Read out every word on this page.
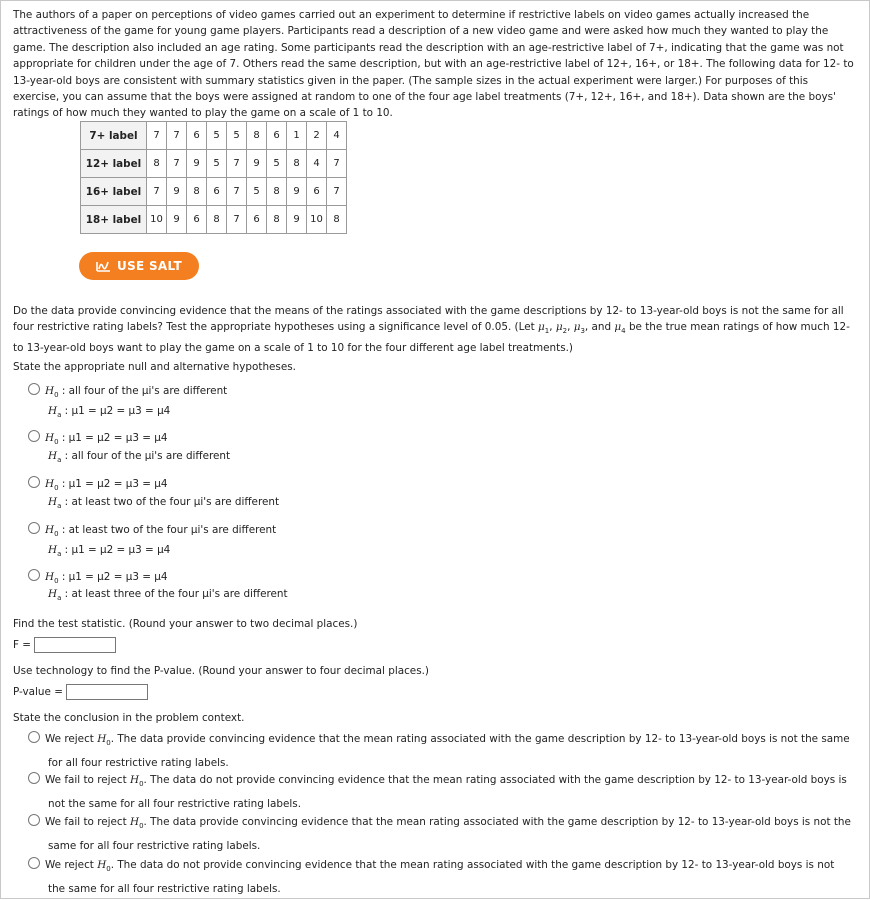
The authors of a paper on perceptions of video games carried out an experiment to determine if restrictive labels on video games actually increased the attractiveness of the game for young game players. Participants read a description of a new video game and were asked how much they wanted to play the game. The description also included an age rating. Some participants read the description with an age-restrictive label of 7+, indicating that the game was not appropriate for children under the age of 7. Others read the same description, but with an age-restrictive label of 12+, 16+, or 18+. The following data for 12- to 13-year-old boys are consistent with summary statistics given in the paper. (The sample sizes in the actual experiment were larger.) For purposes of this exercise, you can assume that the boys were assigned at random to one of the four age label treatments (7+, 12+, 16+, and 18+). Data shown are the boys' ratings of how much they wanted to play the game on a scale of 1 to 10.
7+ label	7	7	6	5	5	8	6	1	2	4
12+ label	8	7	9	5	7	9	5	8	4	7
16+ label	7	9	8	6	7	5	8	9	6	7
18+ label	10	9	6	8	7	6	8	9	10	8
USE SALT
Do the data provide convincing evidence that the means of the ratings associated with the game descriptions by 12- to 13-year-old boys is not the same for all four restrictive rating labels? Test the appropriate hypotheses using a significance level of 0.05. (Let $\mu_1$, $\mu_2$, $\mu_3$, and $\mu_4$ be the true mean ratings of how much 12- to 13-year-old boys want to play the game on a scale of 1 to 10 for the four different age label treatments.)
State the appropriate null and alternative hypotheses.
$H_0$ : all four of the μi's are different
$H_a$ : μ1 = μ2 = μ3 = μ4
$H_0$ : μ1 = μ2 = μ3 = μ4
$H_a$ : all four of the μi's are different
$H_0$ : μ1 = μ2 = μ3 = μ4
$H_a$ : at least two of the four μi's are different
$H_0$ : at least two of the four μi's are different
$H_a$ : μ1 = μ2 = μ3 = μ4
$H_0$ : μ1 = μ2 = μ3 = μ4
$H_a$ : at least three of the four μi's are different
Find the test statistic. (Round your answer to two decimal places.)
F =
Use technology to find the P-value. (Round your answer to four decimal places.)
P-value =
State the conclusion in the problem context.
We reject $H_0$. The data provide convincing evidence that the mean rating associated with the game description by 12- to 13-year-old boys is not the same
for all four restrictive rating labels.
We fail to reject $H_0$. The data do not provide convincing evidence that the mean rating associated with the game description by 12- to 13-year-old boys is
not the same for all four restrictive rating labels.
We fail to reject $H_0$. The data provide convincing evidence that the mean rating associated with the game description by 12- to 13-year-old boys is not the
same for all four restrictive rating labels.
We reject $H_0$. The data do not provide convincing evidence that the mean rating associated with the game description by 12- to 13-year-old boys is not
the same for all four restrictive rating labels.
